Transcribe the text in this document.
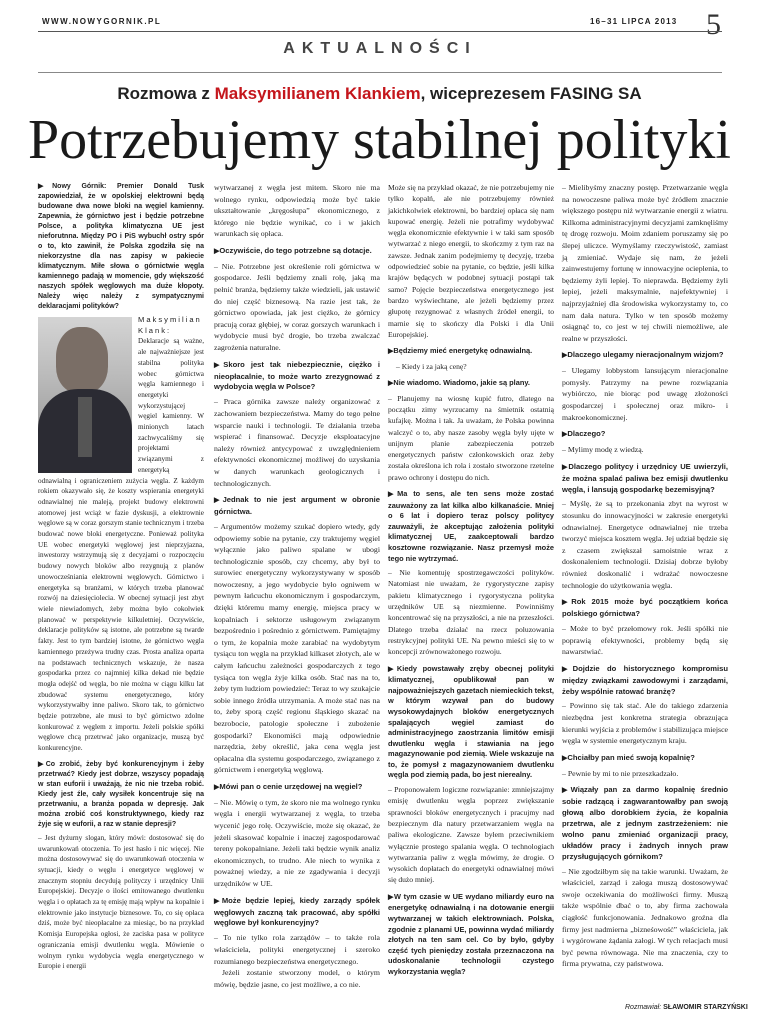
WWW.NOWYGORNIK.PL	16–31 LIPCA 2013 5
AKTUALNOŚCI
Rozmowa z Maksymilianem Klankiem, wiceprezesem FASING SA
Potrzebujemy stabilnej polityki
▶ Nowy Górnik: Premier Donald Tusk zapowiedział, że w opolskiej elektrowni będą budowane dwa nowe bloki na węgiel kamienny. Zapewnia, że górnictwo jest i będzie potrzebne Polsce, a polityka klimatyczna UE jest nieforutnna. Między PO i PiS wybuchł ostry spór o to, kto zawinił, że Polska zgodziła się na niekorzystne dla nas zapisy w pakiecie klimatycznym. Miłe słowa o górnictwie węgla kamiennego padają w momencie, gdy większość naszych spółek węglowych ma duże kłopoty. Należy więc należy z sympatycznymi deklaracjami polityków?

Maksymilian Klank: Deklaracje są ważne, ale najważniejsze jest stabilna polityka wobec górnictwa węgla kamiennego i energetyki wykorzystującej węgiel kamienny. W minionych latach zachwycaliśmy się projektami związanymi z energetyką odnawialną i ograniczeniem zużycia węgla. Z każdym rokiem okazywało się, że koszty wspierania energetyki odnawialnej nie maleją, projekt budowy elektrowni atomowej jest wciąż w fazie dyskusji, a elektrownie węglowe są w coraz gorszym stanie technicznym i trzeba budować nowe bloki energetyczne. Ponieważ polityka UE wobec energetyki węglowej jest nieprzyjazna, inwestorzy wstrzymują się z decyzjami o rozpoczęciu budowy nowych bloków albo rezygnują z planów unowocześniania elektrowni węglowych. Górnictwo i energetyka są branżami, w których trzeba planować rozwój na dziesięciolecia. W obecnej sytuacji jest zbyt wiele niewiadomych, żeby można było cokolwiek planować w perspektywie kilkuletniej. Oczywiście, deklaracje polityków są istotne, ale potrzebne są twarde fakty. Jest to tym bardziej istotne, że górnictwo węgla kamiennego przeżywa trudny czas. Prosta analiza oparta na podstawach technicznych wskazuje, że nasza gospodarka przez co najmniej kilka dekad nie będzie mogła odejść od węgla, bo nie można w ciągu kilku lat zbudować systemu energetycznego, który wykorzystywałby inne paliwo. Skoro tak, to górnictwo będzie potrzebne, ale musi to być górnictwo zdolne konkurować z węglem z importu. Jeżeli polskie spółki węglowe chcą przetrwać jako organizacje, muszą być konkurencyjne.

▶ Co zrobić, żeby być konkurencyjnym i żeby przetrwać? Kiedy jest dobrze, wszyscy popadają w stan euforii i uważają, że nic nie trzeba robić. Kiedy jest źle, cały wysiłek koncentruje się na przetrwaniu, a branża popada w depresję. Jak można zrobić coś konstruktywnego, kiedy raz żyje się w euforii, a raz w stanie depresji?

– Jest dyżurny slogan, który mówi: dostosować się do uwarunkowań otoczenia. To jest hasło i nic więcej. Nie można dostosowywać się do uwarunkowań otoczenia w sytuacji, kiedy o węglu i energetyce węglowej w znacznym stopniu decydują polityczy i urzędnicy Unii Europejskiej. Decyzje o ilości emitowanego dwutlenku węgla i o opłatach za tę emisję mają wpływ na kopalnie i elektrownie jako instytucje biznesowe. To, co się opłaca dziś, może być nieopłacalne za miesiąc, bo na przykład Komisja Europejska ogłosi, że zaciska pasa w polityce ograniczania emisji dwutlenku węgla. Mówienie o wolnym rynku wydobycia węgla energetycznego w Europie i energii

wytwarzanej z węgla jest mitem. Skoro nie ma wolnego rynku, odpowiedzią może być takie ukształtowanie „kręgosłupa” ekonomicznego, z którego nie będzie wynikać, co i w jakich warunkach się opłaca.

▶ Oczywiście, do tego potrzebne są dotacje.

– Nie. Potrzebne jest określenie roli górnictwa w gospodarce. Jeśli będziemy znali rolę, jaką ma pełnić branża, będziemy także wiedzieli, jak ustawić do niej część biznesową. Na razie jest tak, że górnictwo opowiada, jak jest ciężko, że górnicy pracują coraz głębiej, w coraz gorszych warunkach i wydobycie musi być drogie, bo trzeba zwalczać zagrożenia naturalne.

▶ Skoro jest tak niebezpiecznie, ciężko i nieopłacalnie, to może warto zrezygnować z wydobycia węgla w Polsce?

– Praca górnika zawsze należy organizować z zachowaniem bezpieczeństwa. Mamy do tego pełne wsparcie nauki i technologii. Te działania trzeba wspierać i finansować. Decyzje eksploatacyjne należy również antycypować z uwzględnieniem efektywności ekonomicznej możliwej do uzyskania w danych warunkach geologicznych i technologicznych.

▶ Jednak to nie jest argument w obronie górnictwa.

– Argumentów możemy szukać dopiero wtedy, gdy odpowiemy sobie na pytanie, czy traktujemy węgiel wyłącznie jako paliwo spalane w ubogi technologicznie sposób, czy chcemy, aby był to surowiec energetyczny wykorzystywany w sposób nowoczesny, a jego wydobycie było ogniwem w pewnym łańcuchu ekonomicznym i gospodarczym, dzięki któremu mamy energię, miejsca pracy w kopalniach i sektorze usługowym związanym bezpośrednio i pośrednio z górnictwem. Pamiętajmy o tym, że kopalnia może zarabiać na wydobytym tysiącu ton węgla na przykład kilkaset złotych, ale w całym łańcuchu zależności gospodarczych z tego tysiąca ton węgla żyje kilka osób. Stać nas na to, żeby tym ludziom powiedzieć: Teraz to wy szukajcie sobie innego źródła utrzymania. A może stać nas na to, żeby sporą część regionu śląskiego skazać na bezrobocie, patologie społeczne i zubożenie gospodarki? Ekonomiści mają odpowiednie narzędzia, żeby określić, jaka cena węgla jest opłacalna dla systemu gospodarczego, związanego z górnictwem i energetyką węglową.

▶ Mówi pan o cenie urzędowej na węgiel?

– Nie. Mówię o tym, że skoro nie ma wolnego rynku węgla i energii wytwarzanej z węgla, to trzeba wycenić jego rolę. Oczywiście, może się okazać, że jeżeli skasować kopalnie i inaczej zagospodarować tereny pokopalniane. Jeżeli taki będzie wynik analiz ekonomicznych, to trudno. Ale niech to wynika z poważnej wiedzy, a nie ze zgadywania i decyzji urzędników w UE.

▶ Może będzie lepiej, kiedy zarządy spółek węglowych zaczną tak pracować, aby spółki węglowe był konkurencyjny?

– To nie tylko rola zarządów – to także rola właściciela, polityki energetycznej i szeroko rozumianego bezpieczeństwa energetycznego.

Jeżeli zostanie stworzony model, o którym mówię, będzie jasne, co jest możliwe, a co nie.

Może się na przykład okazać, że nie potrzebujemy nie tylko kopalń, ale nie potrzebujemy również jakichkolwiek elektrowni, bo bardziej opłaca się nam kupować energię. Jeżeli nie potrafimy wydobywać węgla ekonomicznie efektywnie i w taki sam sposób wytwarzać z niego energii, to skończmy z tym raz na zawsze. Jednak zanim podejmiemy tę decyzję, trzeba odpowiedzieć sobie na pytanie, co będzie, jeśli kilka krajów będących w podobnej sytuacji postąpi tak samo? Pojęcie bezpieczeństwa energetycznego jest bardzo wyświechtane, ale jeżeli będziemy przez głupotę rezygnować z własnych źródeł energii, to marnie się to skończy dla Polski i dla Unii Europejskiej.

▶ Będziemy mieć energetykę odnawialną.

– Kiedy i za jaką cenę?

▶ Nie wiadomo. Wiadomo, jakie są plany.

– Planujemy na wiosnę kupić futro, dlatego na początku zimy wyrzucamy na śmietnik ostatnią kufajkę. Można i tak. Ja uważam, że Polska powinna walczyć o to, aby nasze zasoby węgla były ujęte w unijnym planie zabezpieczenia potrzeb energetycznych państw członkowskich oraz żeby została określona ich rola i zostało stworzone rzetelne prawo ochrony i dostępu do nich.

▶ Ma to sens, ale ten sens może zostać zauważony za lat kilka albo kilkanaście. Mniej o 6 lat i dopiero teraz polscy politycy zauważyli, że akceptując założenia polityki klimatycznej UE, zaakceptowali bardzo kosztowne rozwiązanie. Nasz przemysł może tego nie wytrzymać.

– Nie komentuję spostrzegawczości polityków. Natomiast nie uważam, że rygorystyczne zapisy pakietu klimatycznego i rygorystyczna polityka urzędników UE są niezmienne. Powinniśmy koncentrować się na przyszłości, a nie na przeszłości. Dlatego trzeba działać na rzecz poluzowania restrykcyjnej polityki UE. Na pewno mieści się to w koncepcji zrównoważonego rozwoju.

▶ Kiedy powstawały zręby obecnej polityki klimatycznej, opublikował pan w najpoważniejszych gazetach niemieckich tekst, w którym wzywał pan do budowy wysokowydajnych bloków energetycznych spalających węgiel zamiast do administracyjnego zaostrzania limitów emisji dwutlenku węgla i stawiania na jego magazynowanie pod ziemią. Wiele wskazuje na to, że pomysł z magazynowaniem dwutlenku węgla pod ziemią pada, bo jest nierealny.

– Proponowałem logiczne rozwiązanie: zmniejszajmy emisję dwutlenku węgla poprzez zwiększanie sprawności bloków energetycznych i pracujmy nad bezpiecznym dla natury przetwarzaniem węgla na paliwa ekologiczne. Zawsze byłem przeciwnikiem wyłącznie prostego spalania węgla. O technologiach wytwarzania paliw z węgla mówimy, że drogie. O wysokich dopłatach do energetyki odnawialnej mówi się dużo mniej.

▶ W tym czasie w UE wydano miliardy euro na energetykę odnawialną i na dotowanie energii wytwarzanej w takich elektrowniach. Polska, zgodnie z planami UE, powinna wydać miliardy złotych na ten sam cel. Co by było, gdyby część tych pieniędzy została przeznaczona na udoskonalanie technologii czystego wykorzystania węgla?

– Mielibyśmy znaczny postęp. Przetwarzanie węgla na nowoczesne paliwa może być źródłem znacznie większego postępu niż wytwarzanie energii z wiatru. Kilkoma administracyjnymi decyzjami zamknęliśmy tę drogę rozwoju. Moim zdaniem poruszamy się po ślepej uliczce. Wymyślamy rzeczywistość, zamiast ją zmieniać. Wydaje się nam, że jeżeli zainwestujemy fortunę w innowacyjne ocieplenia, to będziemy żyli lepiej. To nieprawda. Będziemy żyli lepiej, jeżeli maksymalnie, najefektywniej i najprzyjaźniej dla środowiska wykorzystamy to, co nam dała natura. Tylko w ten sposób możemy osiągnąć to, co jest w tej chwili niemożliwe, ale realne w przyszłości.

▶ Dlaczego ulegamy nieracjonalnym wizjom?

– Ulegamy lobbystom lansującym nieracjonalne pomysły. Patrzymy na pewne rozwiązania wybiórczo, nie biorąc pod uwagę złożoności gospodarczej i społecznej oraz mikro- i makroekonomicznej.

▶ Dlaczego?

– Mylimy modę z wiedzą.

▶ Dlaczego politycy i urzędnicy UE uwierzyli, że można spalać paliwa bez emisji dwutlenku węgla, i lansują gospodarkę bezemisyjną?

– Myślę, że są to przekonania zbyt na wyrost w stosunku do innowacyjności w zakresie energetyki odnawialnej. Energetyce odnawialnej nie trzeba tworzyć miejsca kosztem węgla. Jej udział będzie się z czasem zwiększał samoistnie wraz z doskonaleniem technologii. Dzisiaj dobrze byłoby również doskonalić i wdrażać nowoczesne technologie do użytkowania węgla.

▶ Rok 2015 może być początkiem końca polskiego górnictwa?

– Może to być przełomowy rok. Jeśli spółki nie poprawią efektywności, problemy będą się nawarstwiać.

▶ Dojdzie do historycznego kompromisu między związkami zawodowymi i zarządami, żeby wspólnie ratować branżę?

– Powinno się tak stać. Ale do takiego zdarzenia niezbędna jest konkretna strategia obrazująca kierunki wyjścia z problemów i stabilizująca miejsce węgla w systemie energetycznym kraju.

▶ Chciałby pan mieć swoją kopalnię?

– Pewnie by mi to nie przeszkadzało.

▶ Wiązały pan za darmo kopalnię średnio sobie radzącą i zagwarantowałby pan swoją głową albo dorobkiem życia, że kopalnia przetrwa, ale z jednym zastrzeżeniem: nie wolno panu zmieniać organizacji pracy, układów pracy i żadnych innych praw przysługujących górnikom?

– Nie zgodziłbym się na takie warunki. Uważam, że właściciel, zarząd i załoga muszą dostosowywać swoje oczekiwania do możliwości firmy. Muszą także wspólnie dbać o to, aby firma zachowała ciągłość funkcjonowania. Jednakowo groźna dla firmy jest nadmierna „bizneśowość” właściciela, jak i wygórowane żądania załogi. W tych relacjach musi być pewna równowaga. Nie ma znaczenia, czy to firma prywatna, czy państwowa.

Rozmawiał: SŁAWOMIR STARZYŃSKI
